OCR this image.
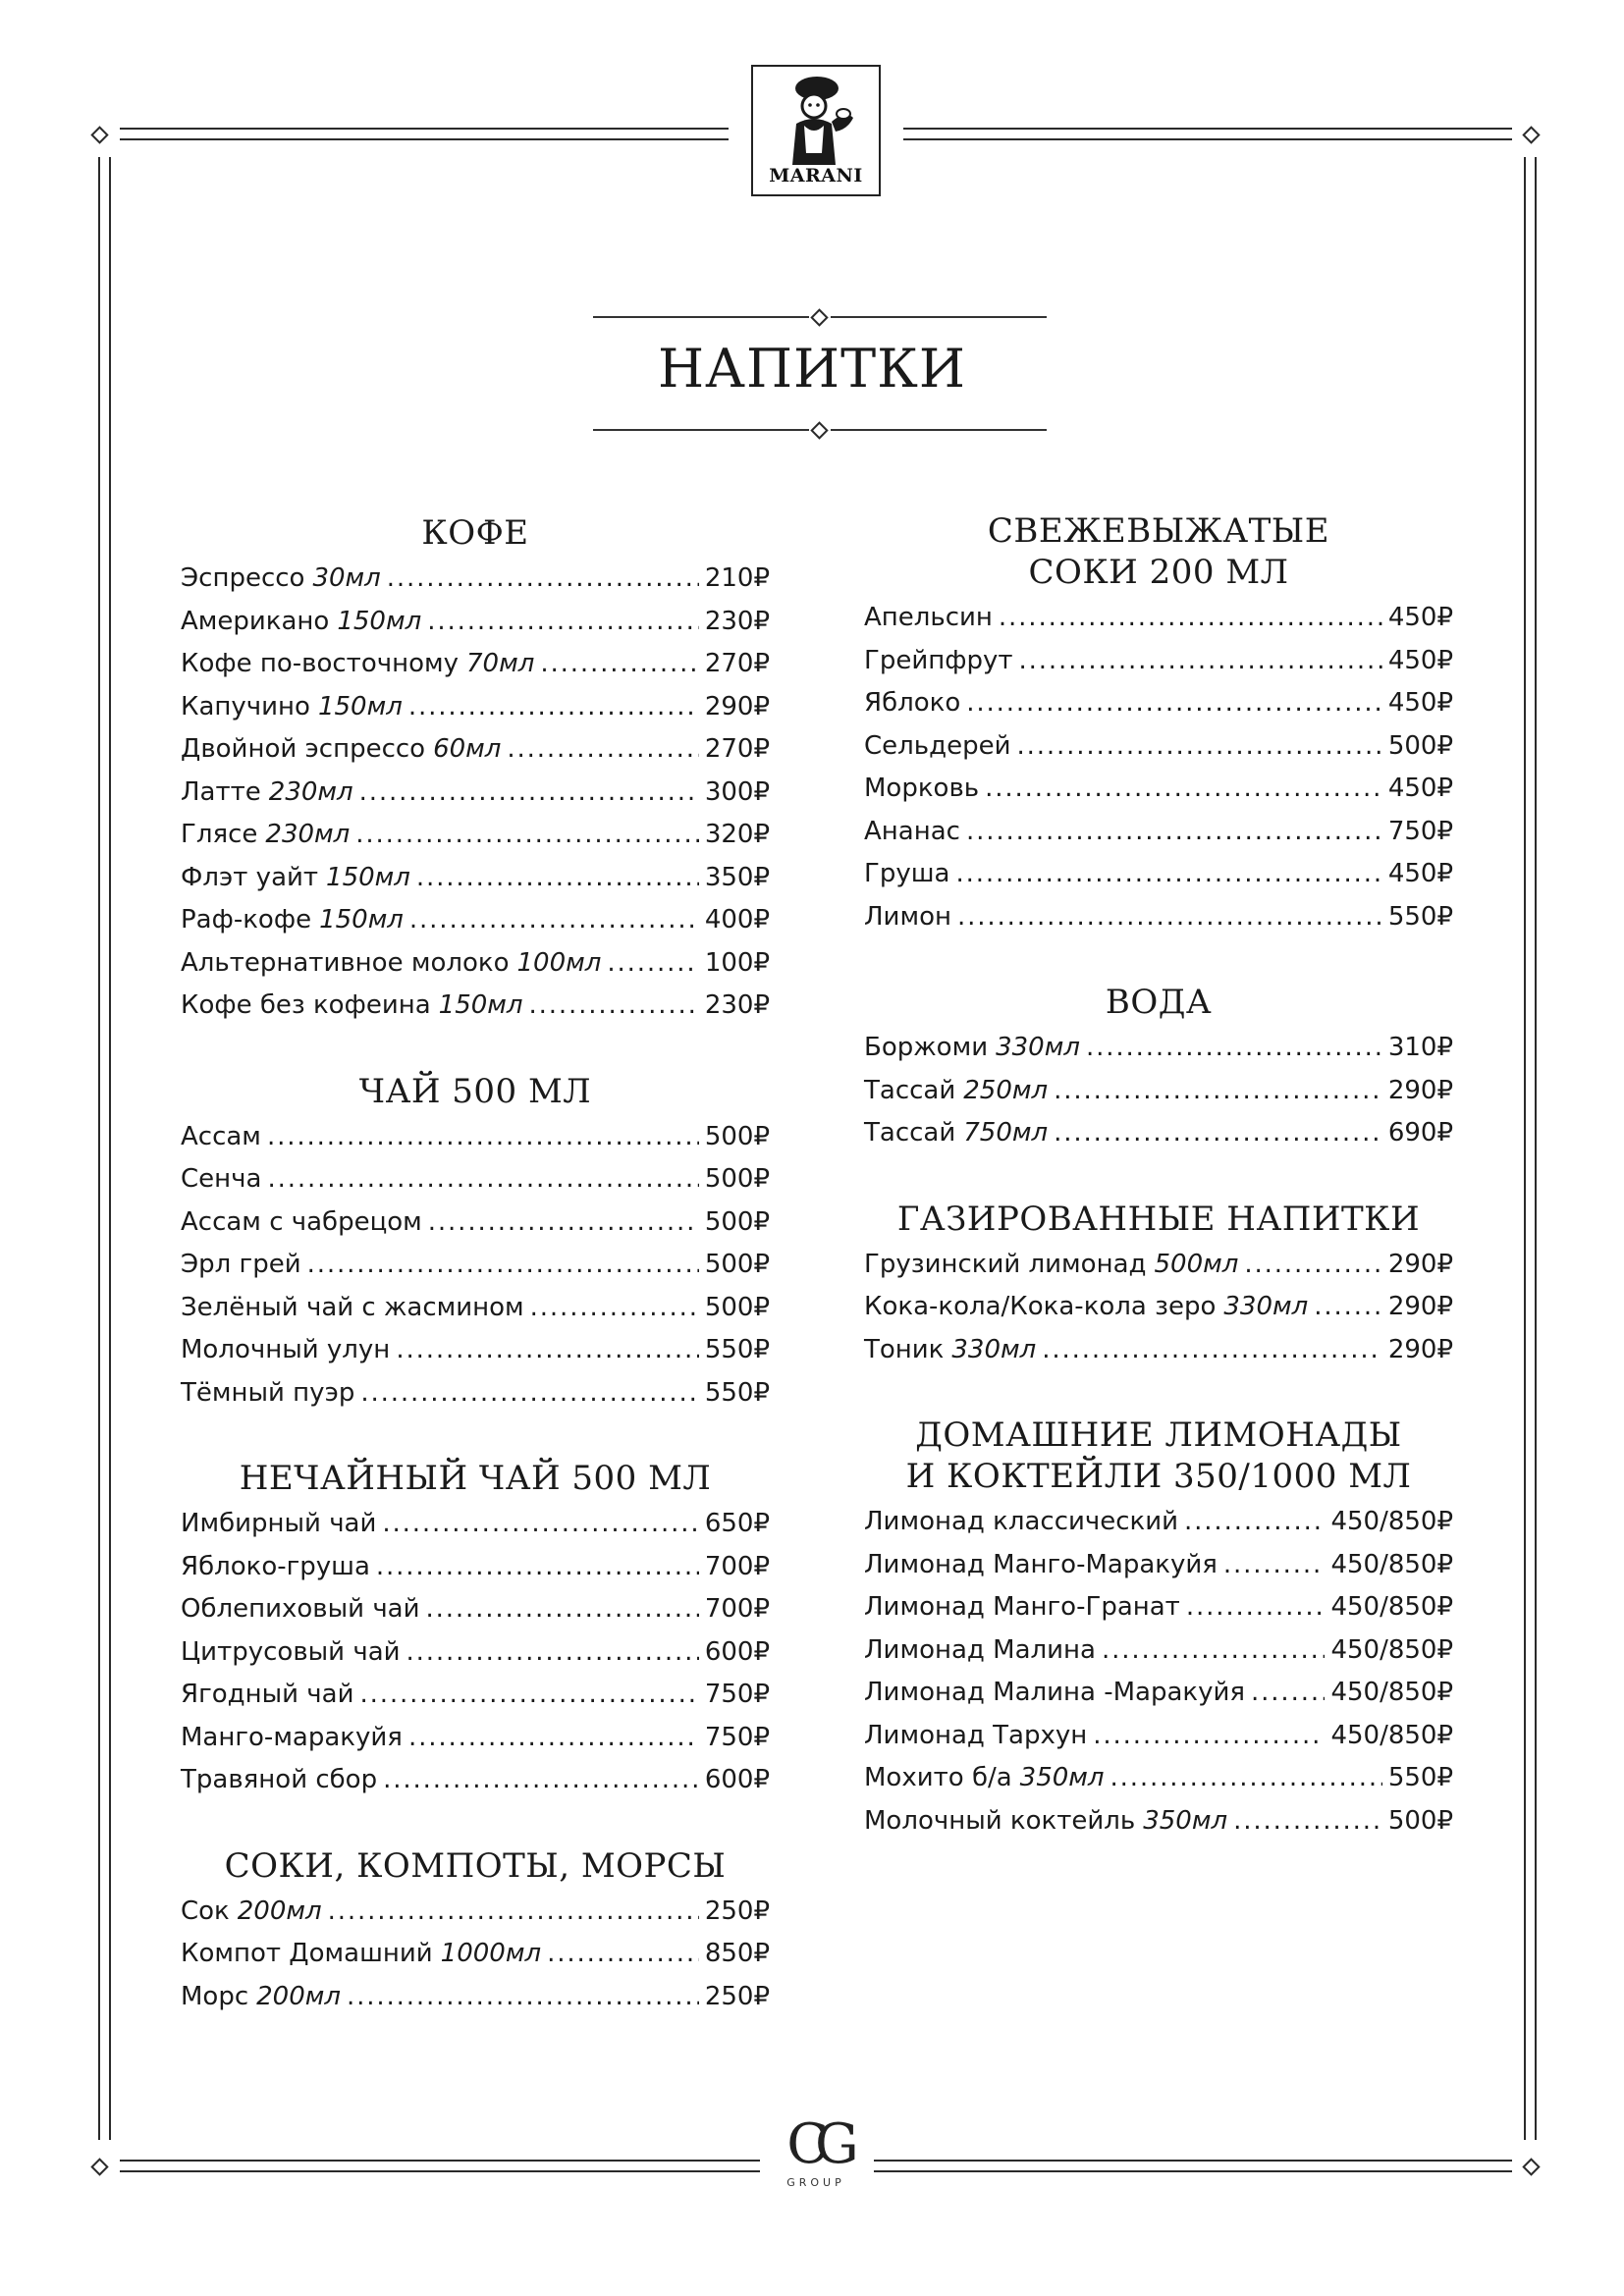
MARANI
НАПИТКИ
КОФЕ
Эспрессо 30мл . . .	210₽
Американо 150мл . . .	230₽
Кофе по-восточному 70мл . . .	270₽
Капучино 150мл . . .	290₽
Двойной эспрессо 60мл . . .	270₽
Латте 230мл . . .	300₽
Глясе 230мл . . .	320₽
Флэт уайт 150мл . . .	350₽
Раф-кофе 150мл . . .	400₽
Альтернативное молоко 100мл . . .	100₽
Кофе без кофеина 150мл . . .	230₽
ЧАЙ 500 МЛ
Ассам . . .	500₽
Сенча . . .	500₽
Ассам с чабрецом . . .	500₽
Эрл грей . . .	500₽
Зелёный чай с жасмином . . .	500₽
Молочный улун . . .	550₽
Тёмный пуэр . . .	550₽
НЕЧАЙНЫЙ ЧАЙ 500 МЛ
Имбирный чай . . .	650₽
Яблоко-груша . . .	700₽
Облепиховый чай . . .	700₽
Цитрусовый чай . . .	600₽
Ягодный чай . . .	750₽
Манго-маракуйя . . .	750₽
Травяной сбор . . .	600₽
СОКИ, КОМПОТЫ, МОРСЫ
Сок 200мл . . .	250₽
Компот Домашний 1000мл . . .	850₽
Морс 200мл . . .	250₽
СВЕЖЕВЫЖАТЫЕ
СОКИ 200 МЛ
Апельсин . . .	450₽
Грейпфрут . . .	450₽
Яблоко . . .	450₽
Сельдерей . . .	500₽
Морковь . . .	450₽
Ананас . . .	750₽
Груша . . .	450₽
Лимон . . .	550₽
ВОДА
Боржоми 330мл . . .	310₽
Тассай 250мл . . .	290₽
Тассай 750мл . . .	690₽
ГАЗИРОВАННЫЕ НАПИТКИ
Грузинский лимонад 500мл . . .	290₽
Кока-кола/Кока-кола зеро 330мл . . .	290₽
Тоник 330мл . . .	290₽
ДОМАШНИЕ ЛИМОНАДЫ
И КОКТЕЙЛИ 350/1000 МЛ
Лимонад классический . . .	450/850₽
Лимонад Манго-Маракуйя . . .	450/850₽
Лимонад Манго-Гранат . . .	450/850₽
Лимонад Малина . . .	450/850₽
Лимонад Малина -Маракуйя . . .	450/850₽
Лимонад Тархун . . .	450/850₽
Мохито б/а 350мл . . .	550₽
Молочный коктейль 350мл . . .	500₽
CG
GROUP
